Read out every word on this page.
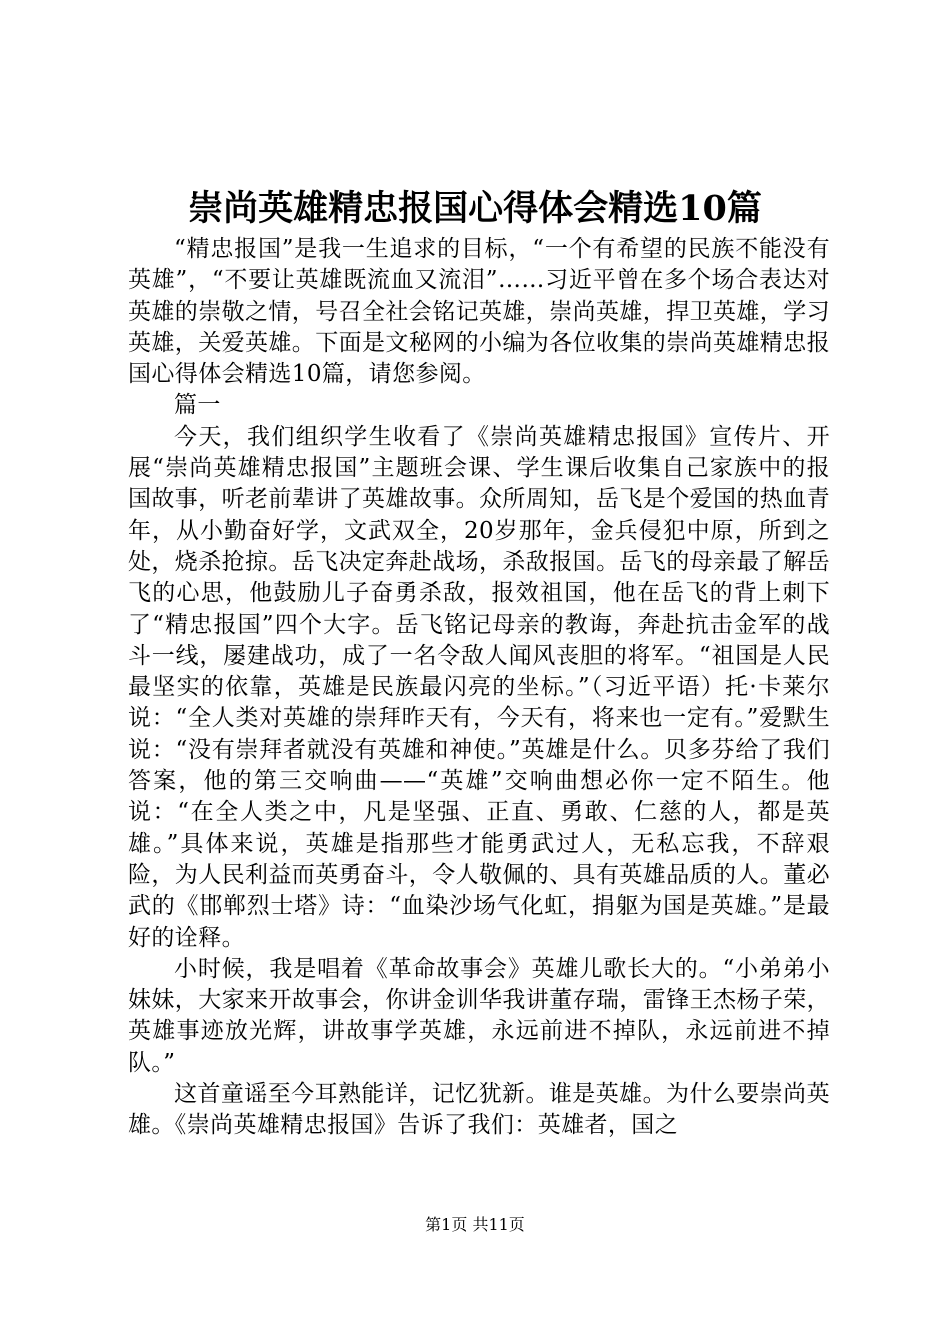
崇尚英雄精忠报国心得体会精选10篇

“精忠报国”是我一生追求的目标，“一个有希望的民族不能没有英雄”，“不要让英雄既流血又流泪”……习近平曾在多个场合表达对英雄的崇敬之情，号召全社会铭记英雄，崇尚英雄，捍卫英雄，学习英雄，关爱英雄。下面是文秘网的小编为各位收集的崇尚英雄精忠报国心得体会精选10篇，请您参阅。

篇一

今天，我们组织学生收看了《崇尚英雄精忠报国》宣传片、开展“崇尚英雄精忠报国”主题班会课、学生课后收集自己家族中的报国故事，听老前辈讲了英雄故事。众所周知，岳飞是个爱国的热血青年，从小勤奋好学，文武双全，20岁那年，金兵侵犯中原，所到之处，烧杀抢掠。岳飞决定奔赴战场，杀敌报国。岳飞的母亲最了解岳飞的心思，他鼓励儿子奋勇杀敌，报效祖国，他在岳飞的背上刺下了“精忠报国”四个大字。岳飞铭记母亲的教诲，奔赴抗击金军的战斗一线，屡建战功，成了一名令敌人闻风丧胆的将军。“祖国是人民最坚实的依靠，英雄是民族最闪亮的坐标。”（习近平语）托·卡莱尔说：“全人类对英雄的崇拜昨天有，今天有，将来也一定有。”爱默生说：“没有崇拜者就没有英雄和神使。”英雄是什么。贝多芬给了我们答案，他的第三交响曲——“英雄”交响曲想必你一定不陌生。他说：“在全人类之中，凡是坚强、正直、勇敢、仁慈的人，都是英雄。”具体来说，英雄是指那些才能勇武过人，无私忘我，不辞艰险，为人民利益而英勇奋斗，令人敬佩的、具有英雄品质的人。董必武的《邯郸烈士塔》诗：“血染沙场气化虹，捐躯为国是英雄。”是最好的诠释。

小时候，我是唱着《革命故事会》英雄儿歌长大的。“小弟弟小妹妹，大家来开故事会，你讲金训华我讲董存瑞，雷锋王杰杨子荣，英雄事迹放光辉，讲故事学英雄，永远前进不掉队，永远前进不掉队。”

这首童谣至今耳熟能详，记忆犹新。谁是英雄。为什么要崇尚英雄。《崇尚英雄精忠报国》告诉了我们：英雄者，国之

第1页 共11页
